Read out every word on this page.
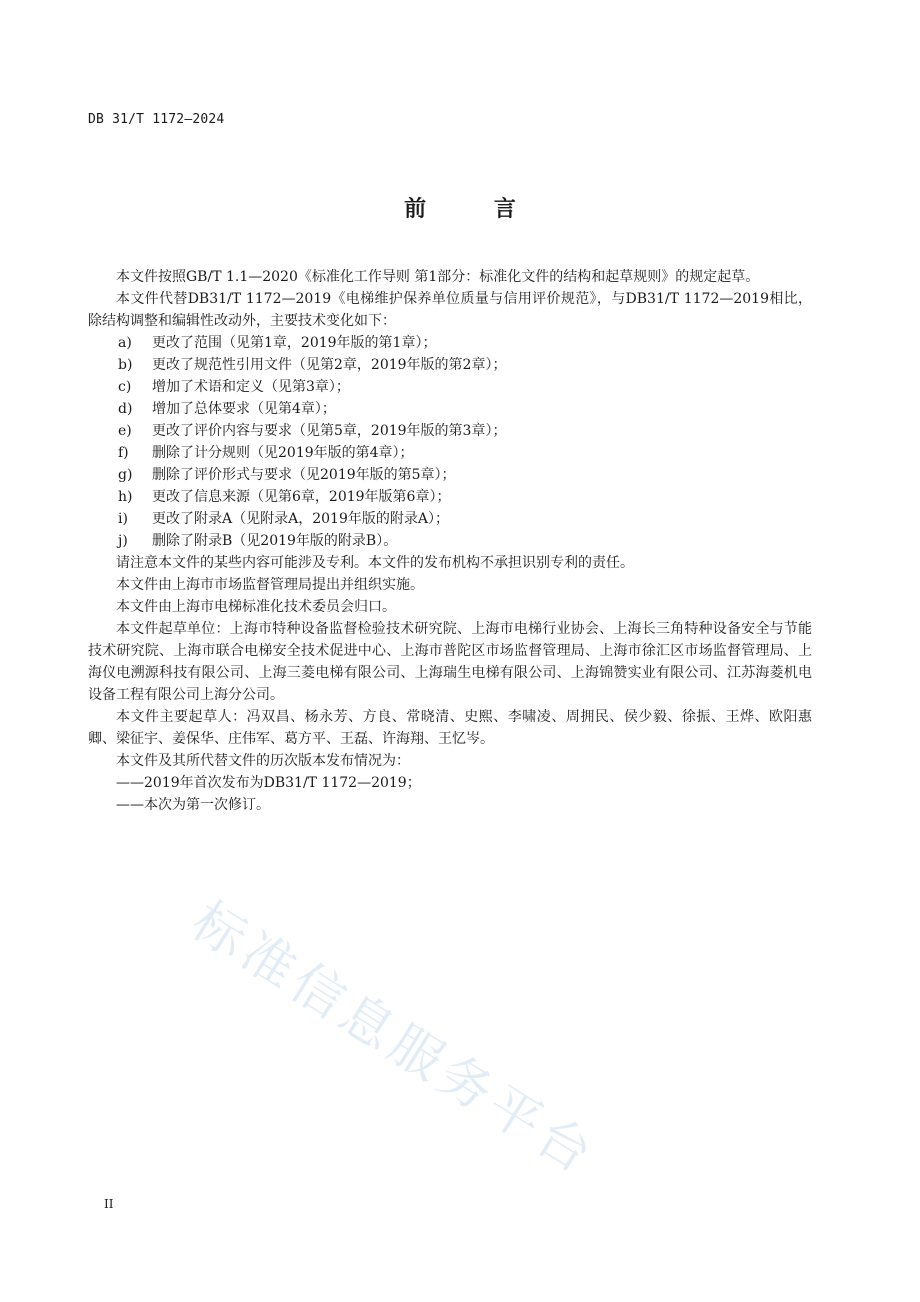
DB 31/T 1172—2024
前 言

本文件按照GB/T 1.1—2020《标准化工作导则 第1部分：标准化文件的结构和起草规则》的规定起草。

本文件代替DB31/T 1172—2019《电梯维护保养单位质量与信用评价规范》，与DB31/T 1172—2019相比，除结构调整和编辑性改动外，主要技术变化如下：

a)	更改了范围（见第1章，2019年版的第1章）；
b)	更改了规范性引用文件（见第2章，2019年版的第2章）；
c)	增加了术语和定义（见第3章）；
d)	增加了总体要求（见第4章）；
e)	更改了评价内容与要求（见第5章，2019年版的第3章）；
f)	删除了计分规则（见2019年版的第4章）；
g)	删除了评价形式与要求（见2019年版的第5章）；
h)	更改了信息来源（见第6章，2019年版第6章）；
i)	更改了附录A（见附录A，2019年版的附录A）；
j)	删除了附录B（见2019年版的附录B）。

请注意本文件的某些内容可能涉及专利。本文件的发布机构不承担识别专利的责任。

本文件由上海市市场监督管理局提出并组织实施。

本文件由上海市电梯标准化技术委员会归口。

本文件起草单位：上海市特种设备监督检验技术研究院、上海市电梯行业协会、上海长三角特种设备安全与节能技术研究院、上海市联合电梯安全技术促进中心、上海市普陀区市场监督管理局、上海市徐汇区市场监督管理局、上海仪电溯源科技有限公司、上海三菱电梯有限公司、上海瑞生电梯有限公司、上海锦赞实业有限公司、江苏海菱机电设备工程有限公司上海分公司。

本文件主要起草人：冯双昌、杨永芳、方良、常晓清、史熙、李啸凌、周拥民、侯少毅、徐振、王烨、欧阳惠卿、梁征宇、姜保华、庄伟军、葛方平、王磊、许海翔、王忆岑。

本文件及其所代替文件的历次版本发布情况为：

——2019年首次发布为DB31/T 1172—2019；

——本次为第一次修订。

标准信息服务平台
II
